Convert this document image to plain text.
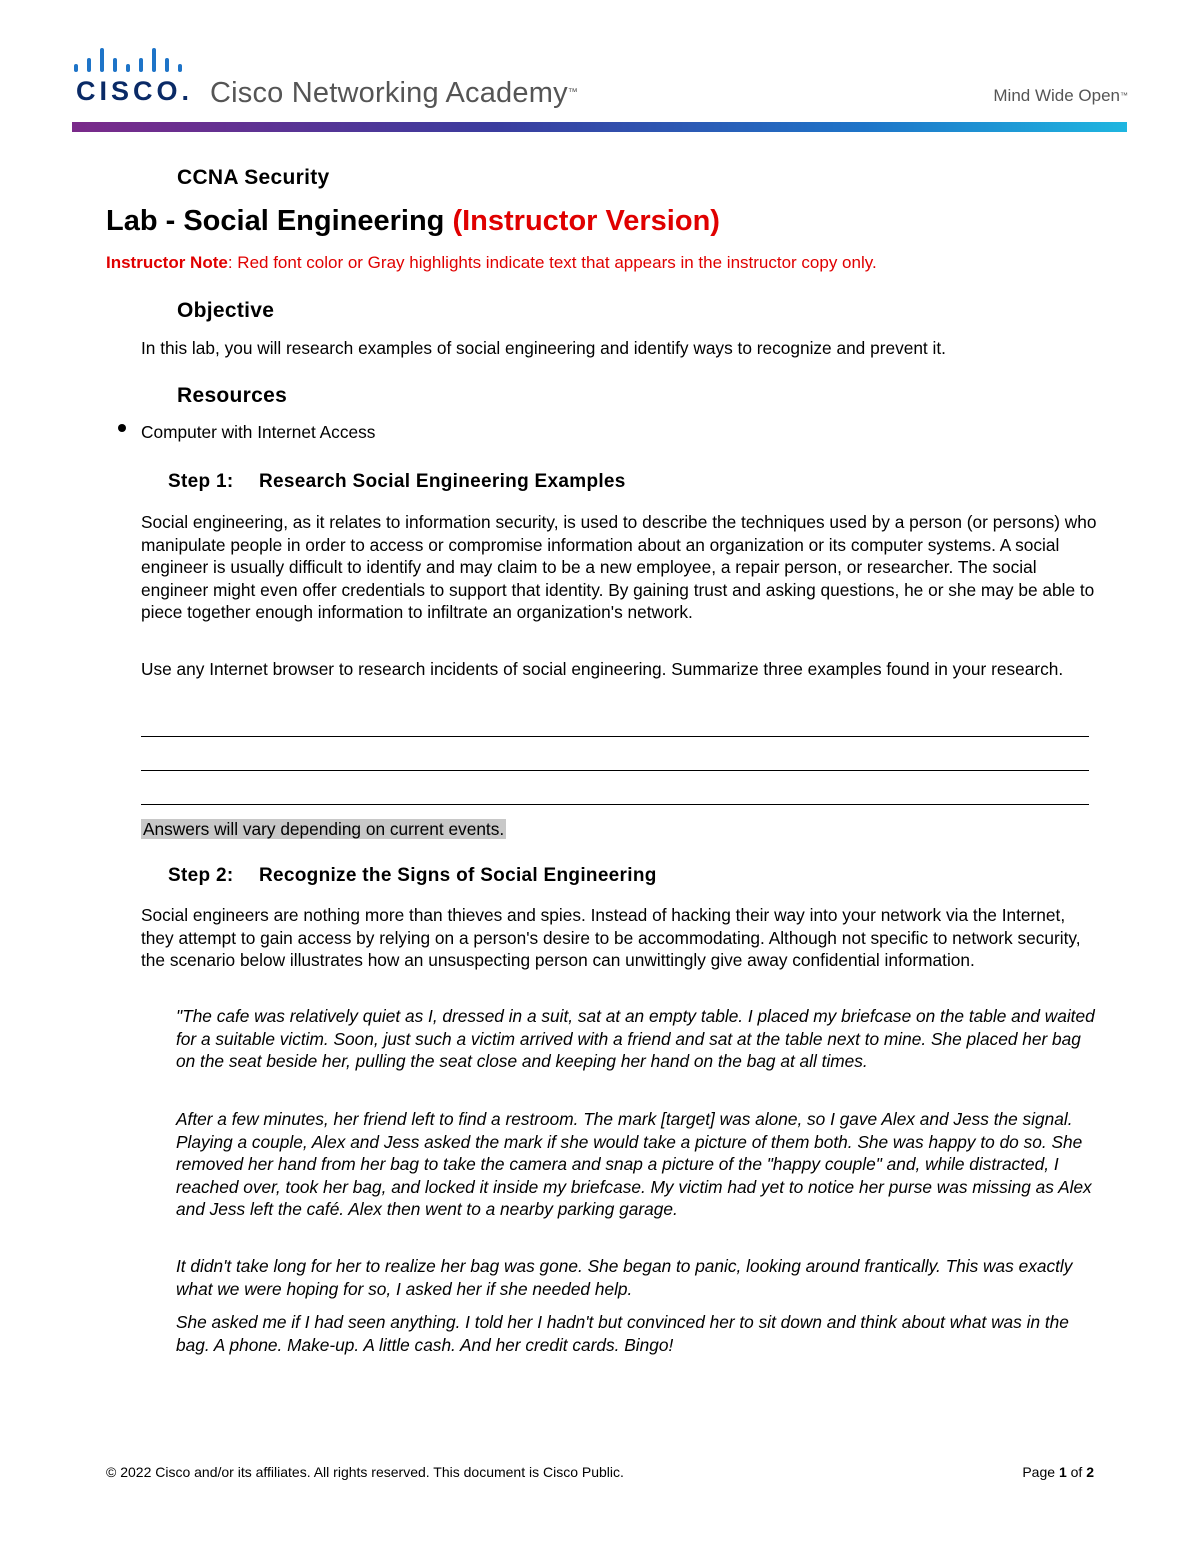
CISCO. Cisco Networking Academy™	Mind Wide Open™
CCNA Security
Lab - Social Engineering (Instructor Version)
Instructor Note: Red font color or Gray highlights indicate text that appears in the instructor copy only.
Objective
In this lab, you will research examples of social engineering and identify ways to recognize and prevent it.
Resources
Computer with Internet Access
Step 1: Research Social Engineering Examples
Social engineering, as it relates to information security, is used to describe the techniques used by a person (or persons) who manipulate people in order to access or compromise information about an organization or its computer systems. A social engineer is usually difficult to identify and may claim to be a new employee, a repair person, or researcher. The social engineer might even offer credentials to support that identity. By gaining trust and asking questions, he or she may be able to piece together enough information to infiltrate an organization's network.
Use any Internet browser to research incidents of social engineering. Summarize three examples found in your research.
Answers will vary depending on current events.
Step 2: Recognize the Signs of Social Engineering
Social engineers are nothing more than thieves and spies. Instead of hacking their way into your network via the Internet, they attempt to gain access by relying on a person's desire to be accommodating. Although not specific to network security, the scenario below illustrates how an unsuspecting person can unwittingly give away confidential information.
"The cafe was relatively quiet as I, dressed in a suit, sat at an empty table. I placed my briefcase on the table and waited for a suitable victim. Soon, just such a victim arrived with a friend and sat at the table next to mine. She placed her bag on the seat beside her, pulling the seat close and keeping her hand on the bag at all times.
After a few minutes, her friend left to find a restroom. The mark [target] was alone, so I gave Alex and Jess the signal. Playing a couple, Alex and Jess asked the mark if she would take a picture of them both. She was happy to do so. She removed her hand from her bag to take the camera and snap a picture of the "happy couple" and, while distracted, I reached over, took her bag, and locked it inside my briefcase. My victim had yet to notice her purse was missing as Alex and Jess left the café. Alex then went to a nearby parking garage.
It didn't take long for her to realize her bag was gone. She began to panic, looking around frantically. This was exactly what we were hoping for so, I asked her if she needed help.
She asked me if I had seen anything. I told her I hadn't but convinced her to sit down and think about what was in the bag. A phone. Make-up. A little cash. And her credit cards. Bingo!
© 2022 Cisco and/or its affiliates. All rights reserved. This document is Cisco Public.	Page 1 of 2
